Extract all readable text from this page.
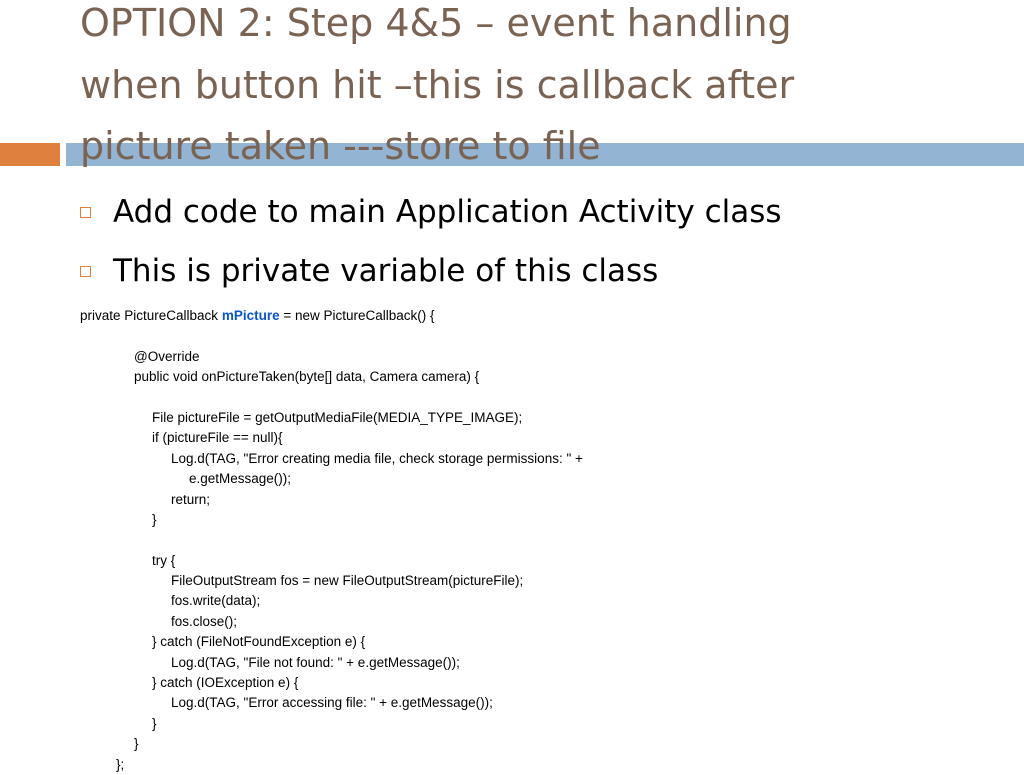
OPTION 2: Step 4&5 – event handling
when button hit –this is callback after
picture taken ---store to file
Add code to main Application Activity class
This is private variable of this class
private PictureCallback mPicture = new PictureCallback() {
@Override
public void onPictureTaken(byte[] data, Camera camera) {
File pictureFile = getOutputMediaFile(MEDIA_TYPE_IMAGE);
if (pictureFile == null){
Log.d(TAG, "Error creating media file, check storage permissions: " +
e.getMessage());
return;
}
try {
FileOutputStream fos = new FileOutputStream(pictureFile);
fos.write(data);
fos.close();
} catch (FileNotFoundException e) {
Log.d(TAG, "File not found: " + e.getMessage());
} catch (IOException e) {
Log.d(TAG, "Error accessing file: " + e.getMessage());
}
}
};
